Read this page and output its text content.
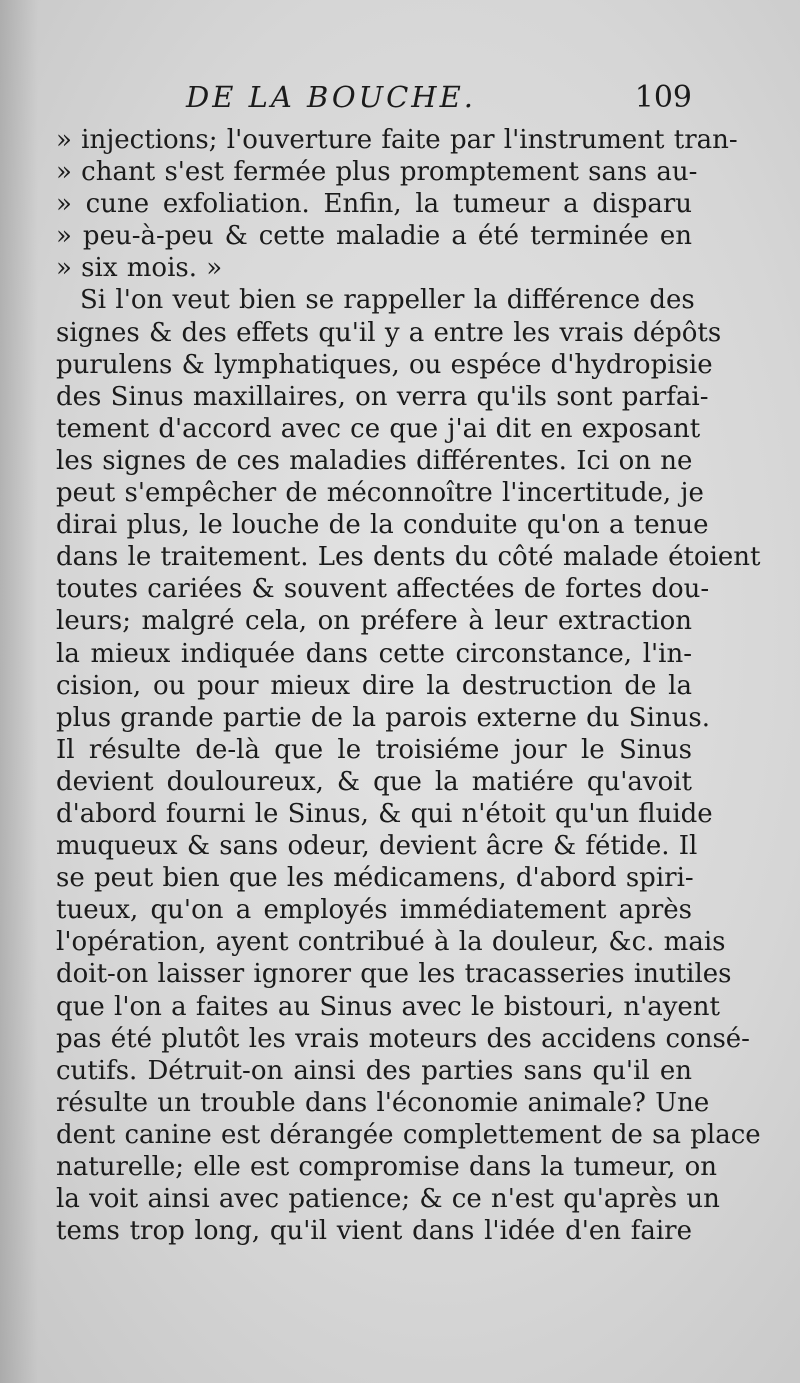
DE LA BOUCHE.	109
» injections; l'ouverture faite par l'instrument tran-
» chant s'est fermée plus promptement sans au-
» cune exfoliation. Enfin, la tumeur a disparu
» peu-à-peu & cette maladie a été terminée en
» six mois. »
Si l'on veut bien se rappeller la différence des
signes & des effets qu'il y a entre les vrais dépôts
purulens & lymphatiques, ou espéce d'hydropisie
des Sinus maxillaires, on verra qu'ils sont parfai-
tement d'accord avec ce que j'ai dit en exposant
les signes de ces maladies différentes. Ici on ne
peut s'empêcher de méconnoître l'incertitude, je
dirai plus, le louche de la conduite qu'on a tenue
dans le traitement. Les dents du côté malade étoient
toutes cariées & souvent affectées de fortes dou-
leurs; malgré cela, on préfere à leur extraction
la mieux indiquée dans cette circonstance, l'in-
cision, ou pour mieux dire la destruction de la
plus grande partie de la parois externe du Sinus.
Il résulte de-là que le troisiéme jour le Sinus
devient douloureux, & que la matiére qu'avoit
d'abord fourni le Sinus, & qui n'étoit qu'un fluide
muqueux & sans odeur, devient âcre & fétide. Il
se peut bien que les médicamens, d'abord spiri-
tueux, qu'on a employés immédiatement après
l'opération, ayent contribué à la douleur, &c. mais
doit-on laisser ignorer que les tracasseries inutiles
que l'on a faites au Sinus avec le bistouri, n'ayent
pas été plutôt les vrais moteurs des accidens consé-
cutifs. Détruit-on ainsi des parties sans qu'il en
résulte un trouble dans l'économie animale? Une
dent canine est dérangée complettement de sa place
naturelle; elle est compromise dans la tumeur, on
la voit ainsi avec patience; & ce n'est qu'après un
tems trop long, qu'il vient dans l'idée d'en faire
